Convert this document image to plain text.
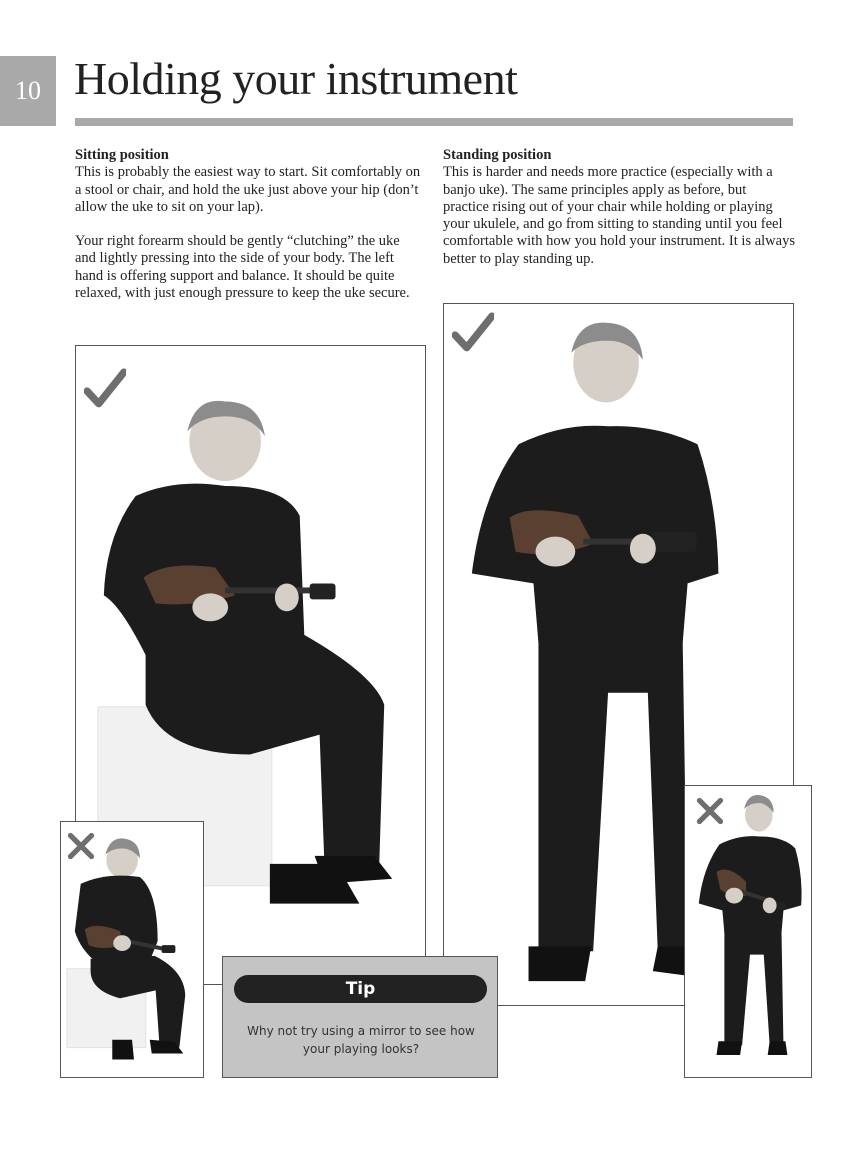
10 Holding your instrument
Sitting position

This is probably the easiest way to start. Sit comfortably on a stool or chair, and hold the uke just above your hip (don’t allow the uke to sit on your lap).

Your right forearm should be gently “clutching” the uke and lightly pressing into the side of your body. The left hand is offering support and balance. It should be quite relaxed, with just enough pressure to keep the uke secure.

Standing position

This is harder and needs more practice (especially with a banjo uke). The same principles apply as before, but practice rising out of your chair while holding or playing your ukulele, and go from sitting to standing until you feel comfortable with how you hold your instrument. It is always better to play standing up.

Tip
Why not try using a mirror to see how your playing looks?
